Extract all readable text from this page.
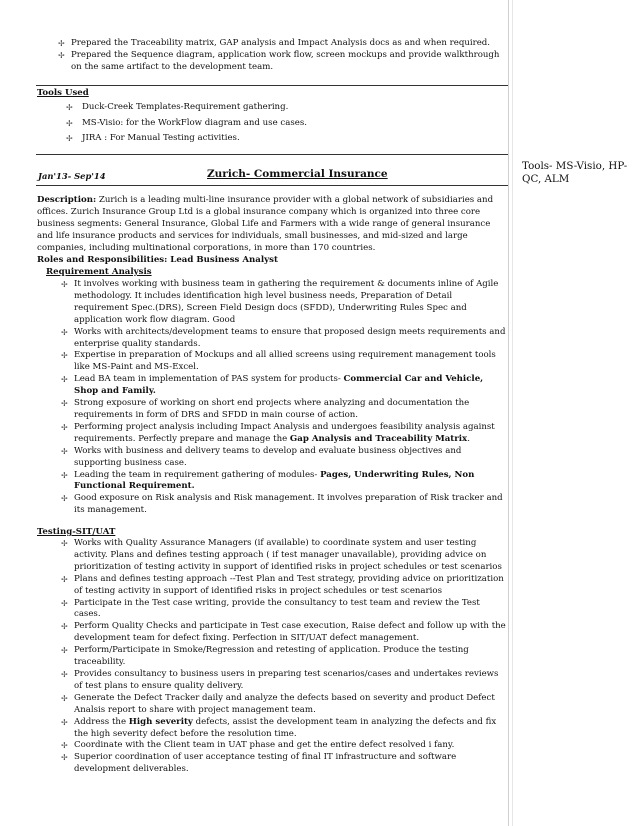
✢ Prepared the Traceability matrix, GAP analysis and Impact Analysis docs as and when required.
✢ Prepared the Sequence diagram, application work flow, screen mockups and provide walkthrough on the same artifact to the development team.
Tools Used
✢ Duck-Creek Templates-Requirement gathering.
✢ MS-Visio: for the WorkFlow diagram and use cases.
✢ JIRA : For Manual Testing activities.
Jan'13- Sep'14	Zurich- Commercial Insurance
Tools- MS-Visio, HP-QC, ALM

Description: Zurich is a leading multi-line insurance provider with a global network of subsidiaries and offices. Zurich Insurance Group Ltd is a global insurance company which is organized into three core business segments: General Insurance, Global Life and Farmers with a wide range of general insurance and life insurance products and services for individuals, small businesses, and mid-sized and large companies, including multinational corporations, in more than 170 countries.

Roles and Responsibilities: Lead Business Analyst
Requirement Analysis
✢ It involves working with business team in gathering the requirement & documents inline of Agile methodology. It includes identification high level business needs, Preparation of Detail requirement Spec.(DRS), Screen Field Design docs (SFDD), Underwriting Rules Spec and application work flow diagram. Good
✢ Works with architects/development teams to ensure that proposed design meets requirements and enterprise quality standards.
✢ Expertise in preparation of Mockups and all allied screens using requirement management tools like MS-Paint and MS-Excel.
✢ Lead BA team in implementation of PAS system for products- Commercial Car and Vehicle, Shop and Family.
✢ Strong exposure of working on short end projects where analyzing and documentation the requirements in form of DRS and SFDD in main course of action.
✢ Performing project analysis including Impact Analysis and undergoes feasibility analysis against requirements. Perfectly prepare and manage the Gap Analysis and Traceability Matrix.
✢ Works with business and delivery teams to develop and evaluate business objectives and supporting business case.
✢ Leading the team in requirement gathering of modules- Pages, Underwriting Rules, Non Functional Requirement.
✢ Good exposure on Risk analysis and Risk management. It involves preparation of Risk tracker and its management.
Testing-SIT/UAT
✢ Works with Quality Assurance Managers (if available) to coordinate system and user testing activity. Plans and defines testing approach ( if test manager unavailable), providing advice on prioritization of testing activity in support of identified risks in project schedules or test scenarios
✢ Plans and defines testing approach --Test Plan and Test strategy, providing advice on prioritization of testing activity in support of identified risks in project schedules or test scenarios
✢ Participate in the Test case writing, provide the consultancy to test team and review the Test cases.
✢ Perform Quality Checks and participate in Test case execution, Raise defect and follow up with the development team for defect fixing. Perfection in SIT/UAT defect management.
✢ Perform/Participate in Smoke/Regression and retesting of application. Produce the testing traceability.
✢ Provides consultancy to business users in preparing test scenarios/cases and undertakes reviews of test plans to ensure quality delivery.
✢ Generate the Defect Tracker daily and analyze the defects based on severity and product Defect Analsis report to share with project management team.
✢ Address the High severity defects, assist the development team in analyzing the defects and fix the high severity defect before the resolution time.
✢ Coordinate with the Client team in UAT phase and get the entire defect resolved i fany.
✢ Superior coordination of user acceptance testing of final IT infrastructure and software development deliverables.
